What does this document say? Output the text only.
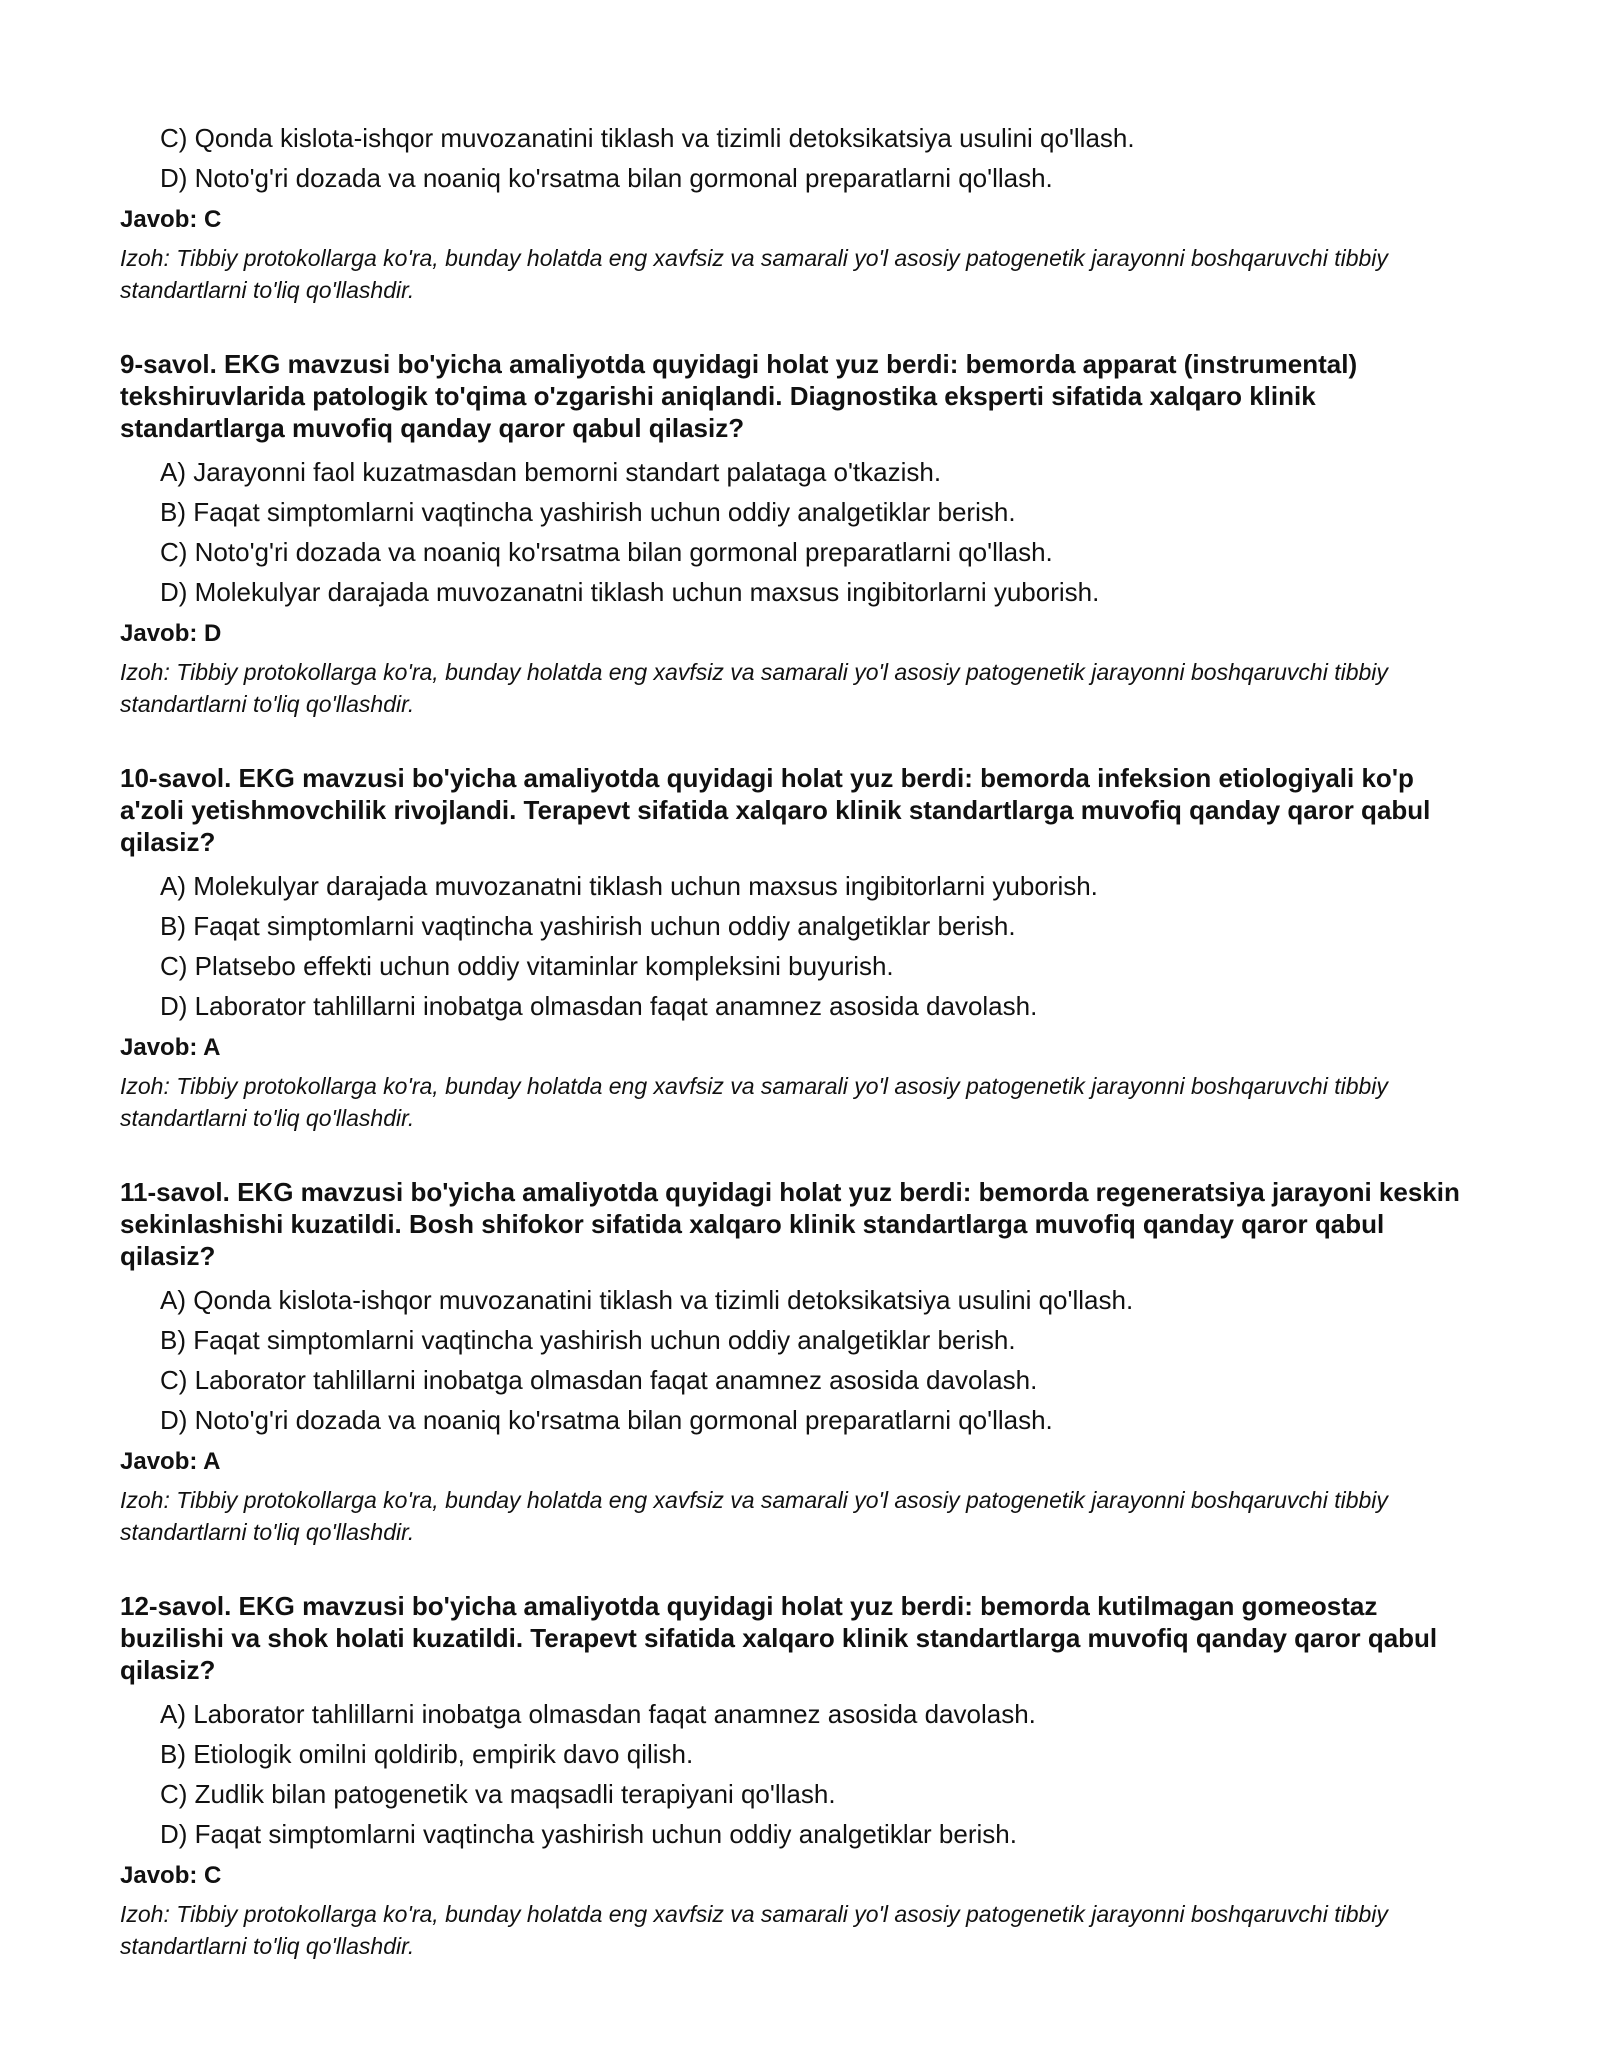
C) Qonda kislota-ishqor muvozanatini tiklash va tizimli detoksikatsiya usulini qo'llash.
D) Noto'g'ri dozada va noaniq ko'rsatma bilan gormonal preparatlarni qo'llash.
Javob: C
Izoh: Tibbiy protokollarga ko'ra, bunday holatda eng xavfsiz va samarali yo'l asosiy patogenetik jarayonni boshqaruvchi tibbiy standartlarni to'liq qo'llashdir.
9-savol. EKG mavzusi bo'yicha amaliyotda quyidagi holat yuz berdi: bemorda apparat (instrumental) tekshiruvlarida patologik to'qima o'zgarishi aniqlandi. Diagnostika eksperti sifatida xalqaro klinik standartlarga muvofiq qanday qaror qabul qilasiz?
A) Jarayonni faol kuzatmasdan bemorni standart palataga o'tkazish.
B) Faqat simptomlarni vaqtincha yashirish uchun oddiy analgetiklar berish.
C) Noto'g'ri dozada va noaniq ko'rsatma bilan gormonal preparatlarni qo'llash.
D) Molekulyar darajada muvozanatni tiklash uchun maxsus ingibitorlarni yuborish.
Javob: D
Izoh: Tibbiy protokollarga ko'ra, bunday holatda eng xavfsiz va samarali yo'l asosiy patogenetik jarayonni boshqaruvchi tibbiy standartlarni to'liq qo'llashdir.
10-savol. EKG mavzusi bo'yicha amaliyotda quyidagi holat yuz berdi: bemorda infeksion etiologiyali ko'p a'zoli yetishmovchilik rivojlandi. Terapevt sifatida xalqaro klinik standartlarga muvofiq qanday qaror qabul qilasiz?
A) Molekulyar darajada muvozanatni tiklash uchun maxsus ingibitorlarni yuborish.
B) Faqat simptomlarni vaqtincha yashirish uchun oddiy analgetiklar berish.
C) Platsebo effekti uchun oddiy vitaminlar kompleksini buyurish.
D) Laborator tahlillarni inobatga olmasdan faqat anamnez asosida davolash.
Javob: A
Izoh: Tibbiy protokollarga ko'ra, bunday holatda eng xavfsiz va samarali yo'l asosiy patogenetik jarayonni boshqaruvchi tibbiy standartlarni to'liq qo'llashdir.
11-savol. EKG mavzusi bo'yicha amaliyotda quyidagi holat yuz berdi: bemorda regeneratsiya jarayoni keskin sekinlashishi kuzatildi. Bosh shifokor sifatida xalqaro klinik standartlarga muvofiq qanday qaror qabul qilasiz?
A) Qonda kislota-ishqor muvozanatini tiklash va tizimli detoksikatsiya usulini qo'llash.
B) Faqat simptomlarni vaqtincha yashirish uchun oddiy analgetiklar berish.
C) Laborator tahlillarni inobatga olmasdan faqat anamnez asosida davolash.
D) Noto'g'ri dozada va noaniq ko'rsatma bilan gormonal preparatlarni qo'llash.
Javob: A
Izoh: Tibbiy protokollarga ko'ra, bunday holatda eng xavfsiz va samarali yo'l asosiy patogenetik jarayonni boshqaruvchi tibbiy standartlarni to'liq qo'llashdir.
12-savol. EKG mavzusi bo'yicha amaliyotda quyidagi holat yuz berdi: bemorda kutilmagan gomeostaz buzilishi va shok holati kuzatildi. Terapevt sifatida xalqaro klinik standartlarga muvofiq qanday qaror qabul qilasiz?
A) Laborator tahlillarni inobatga olmasdan faqat anamnez asosida davolash.
B) Etiologik omilni qoldirib, empirik davo qilish.
C) Zudlik bilan patogenetik va maqsadli terapiyani qo'llash.
D) Faqat simptomlarni vaqtincha yashirish uchun oddiy analgetiklar berish.
Javob: C
Izoh: Tibbiy protokollarga ko'ra, bunday holatda eng xavfsiz va samarali yo'l asosiy patogenetik jarayonni boshqaruvchi tibbiy standartlarni to'liq qo'llashdir.
